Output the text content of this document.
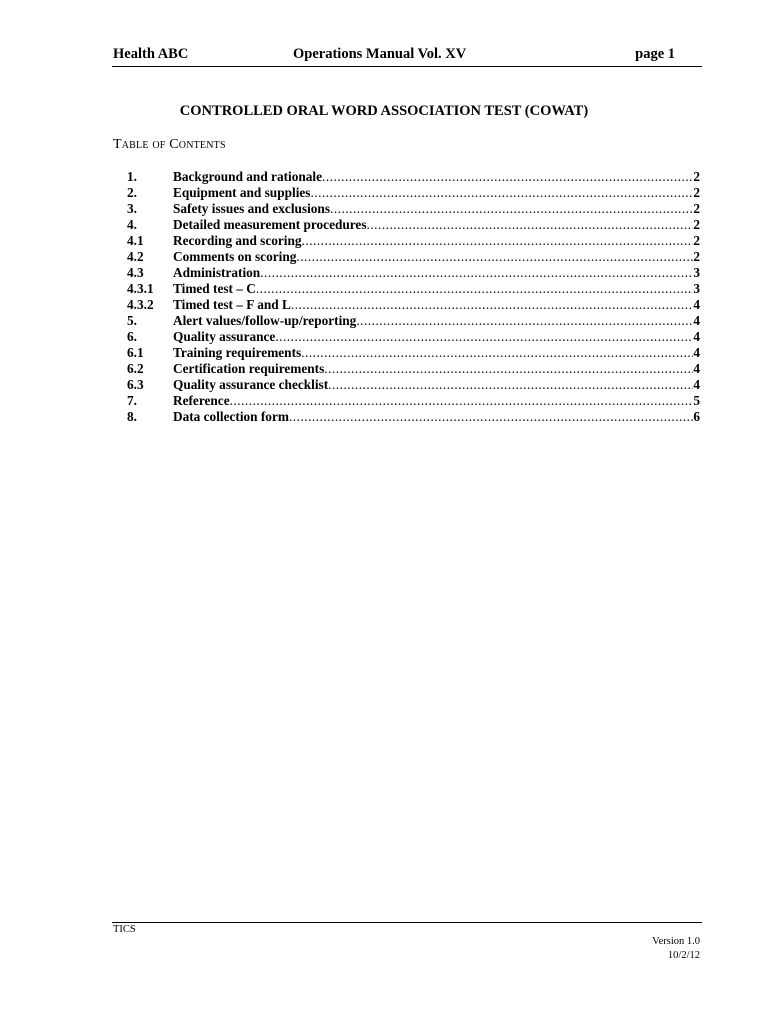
Health ABC	Operations Manual Vol. XV	page 1
CONTROLLED ORAL WORD ASSOCIATION TEST (COWAT)
Table of Contents
1.	Background and rationale .....	2
2.	Equipment and supplies .....	2
3.	Safety issues and exclusions .....	2
4.	Detailed measurement procedures .....	2
4.1	Recording and scoring .....	2
4.2	Comments on scoring .....	2
4.3	Administration .....	3
4.3.1	Timed test – C .....	3
4.3.2	Timed test – F and L .....	4
5.	Alert values/follow-up/reporting .....	4
6.	Quality assurance .....	4
6.1	Training requirements .....	4
6.2	Certification requirements .....	4
6.3	Quality assurance checklist .....	4
7.	Reference .....	5
8.	Data collection form .....	6
TICS
Version 1.0
10/2/12
